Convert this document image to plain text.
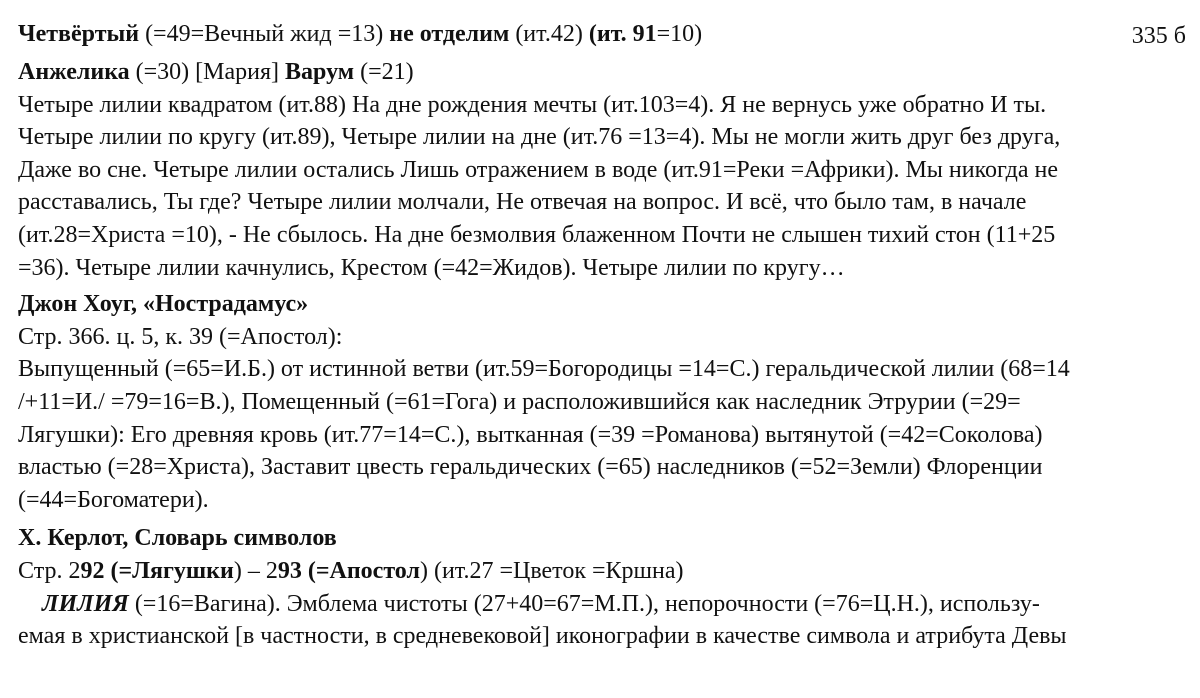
Четвёртый (=49=Вечный жид =13) не отделим (ит.42) (ит. 91=10)	335 б
Анжелика (=30) [Мария] Варум (=21)
Четыре лилии квадратом (ит.88) На дне рождения мечты (ит.103=4). Я не вернусь уже обратно И ты.
Четыре лилии по кругу (ит.89), Четыре лилии на дне (ит.76 =13=4). Мы не могли жить друг без друга,
Даже во сне. Четыре лилии остались Лишь отражением в воде (ит.91=Реки =Африки). Мы никогда не
расставались, Ты где? Четыре лилии молчали, Не отвечая на вопрос. И всё, что было там, в начале
(ит.28=Христа =10), - Не сбылось. На дне безмолвия блаженном Почти не слышен тихий стон (11+25
=36). Четыре лилии качнулись, Крестом (=42=Жидов). Четыре лилии по кругу…
Джон Хоуг, «Нострадамус»
Стр. 366. ц. 5, к. 39 (=Апостол):
Выпущенный (=65=И.Б.) от истинной ветви (ит.59=Богородицы =14=С.) геральдической лилии (68=14
/+11=И./ =79=16=В.), Помещенный (=61=Гога) и расположившийся как наследник Этрурии (=29=
Лягушки): Его древняя кровь (ит.77=14=С.), вытканная (=39 =Романова) вытянутой (=42=Соколова)
властью (=28=Христа), Заставит цвесть геральдических (=65) наследников (=52=Земли) Флоренции
(=44=Богоматери).
Х. Керлот, Словарь символов
Стр. 292 (=Лягушки) – 293 (=Апостол) (ит.27 =Цветок =Кршна)
ЛИЛИЯ (=16=Вагина). Эмблема чистоты (27+40=67=М.П.), непорочности (=76=Ц.Н.), использу-
емая в христианской [в частности, в средневековой] иконографии в качестве символа и атрибута Девы
